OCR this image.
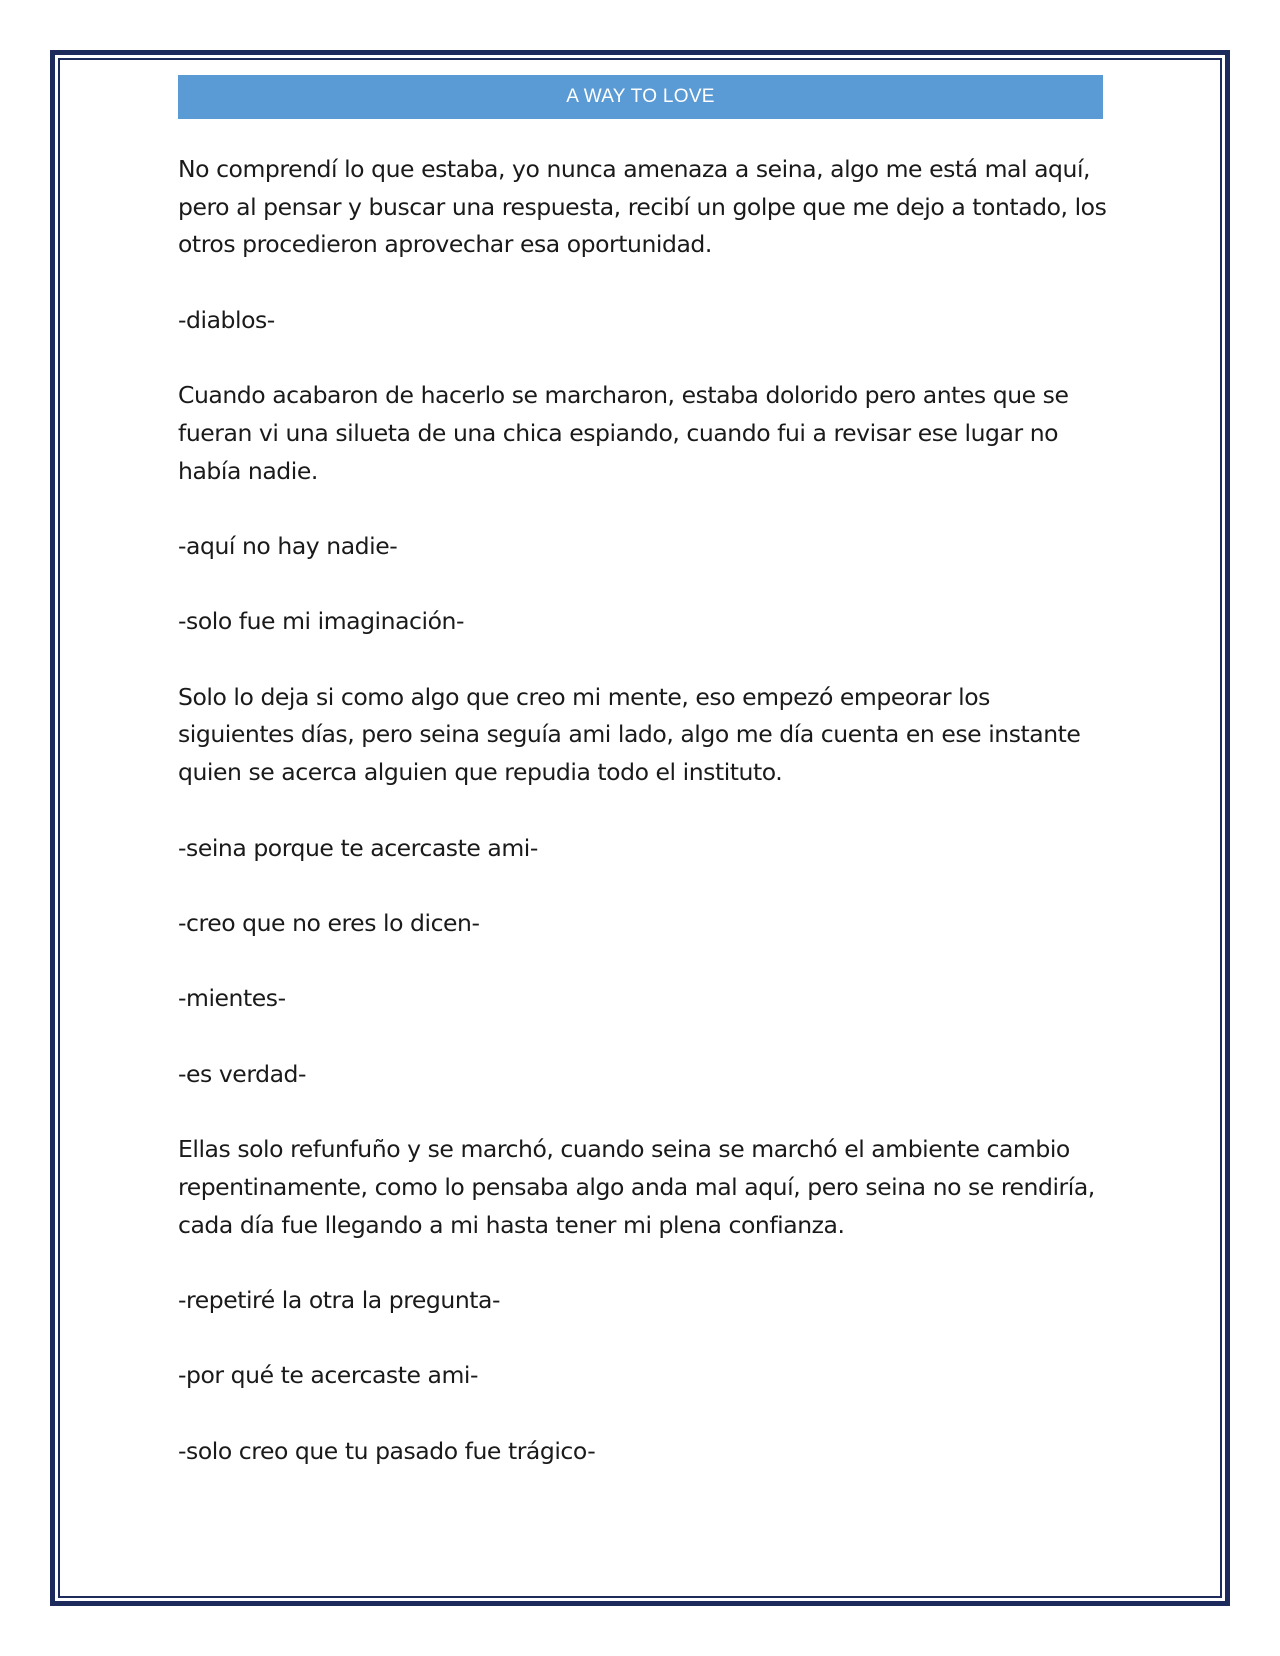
A WAY TO LOVE

No comprendí lo que estaba, yo nunca amenaza a seina, algo me está mal aquí, pero al pensar y buscar una respuesta, recibí un golpe que me dejo a tontado, los otros procedieron aprovechar esa oportunidad.

-diablos-

Cuando acabaron de hacerlo se marcharon, estaba dolorido pero antes que se fueran vi una silueta de una chica espiando, cuando fui a revisar ese lugar no había nadie.

-aquí no hay nadie-

-solo fue mi imaginación-

Solo lo deja si como algo que creo mi mente, eso empezó empeorar los siguientes días, pero seina seguía ami lado, algo me día cuenta en ese instante quien se acerca alguien que repudia todo el instituto.

-seina porque te acercaste ami-

-creo que no eres lo dicen-

-mientes-

-es verdad-

Ellas solo refunfuño y se marchó, cuando seina se marchó el ambiente cambio repentinamente, como lo pensaba algo anda mal aquí, pero seina no se rendiría, cada día fue llegando a mi hasta tener mi plena confianza.

-repetiré la otra la pregunta-

-por qué te acercaste ami-

-solo creo que tu pasado fue trágico-
